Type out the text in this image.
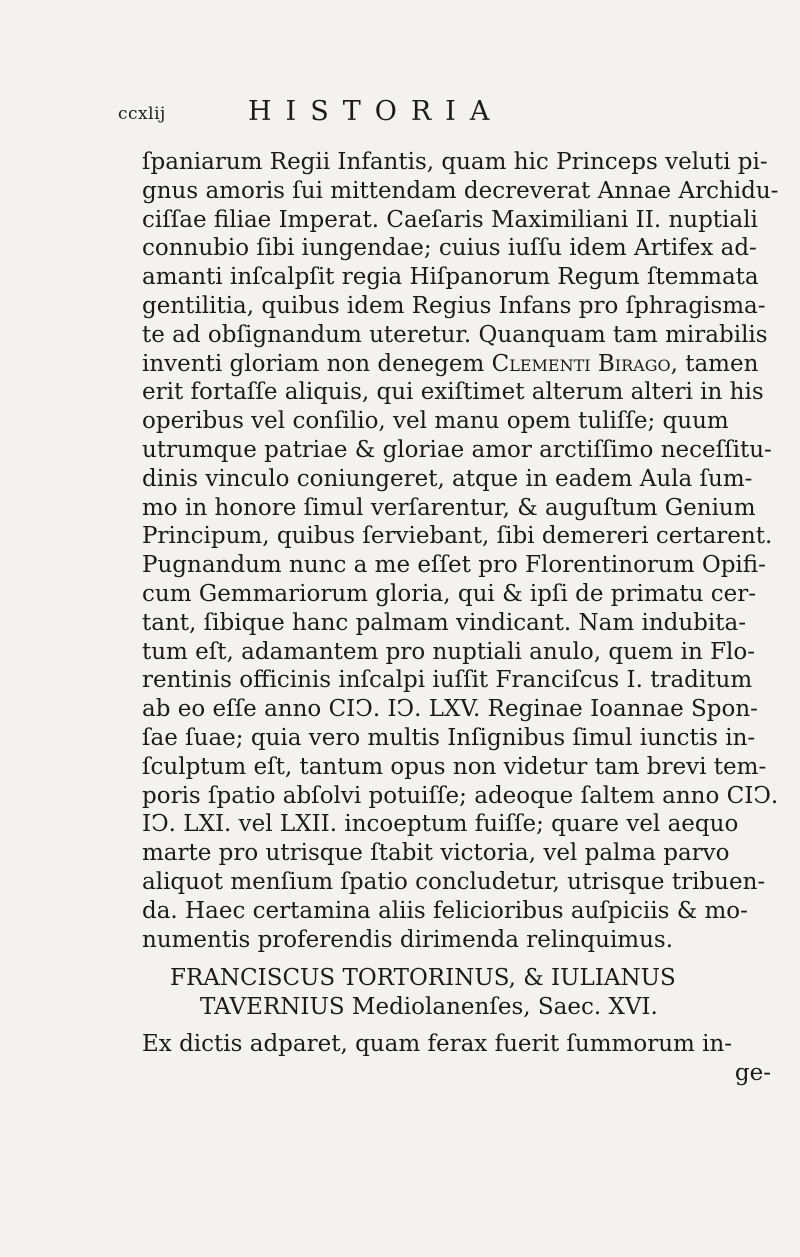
ccxlij	HISTORIA
ſpaniarum Regii Infantis, quam hic Princeps veluti pi-
gnus amoris ſui mittendam decreverat Annae Archidu-
ciſſae filiae Imperat. Caeſaris Maximiliani II. nuptiali
connubio ſibi iungendae; cuius iuſſu idem Artifex ad-
amanti inſcalpſit regia Hiſpanorum Regum ſtemmata
gentilitia, quibus idem Regius Infans pro ſphragisma-
te ad obſignandum uteretur. Quanquam tam mirabilis
inventi gloriam non denegem Clementi Birago, tamen
erit fortaſſe aliquis, qui exiſtimet alterum alteri in his
operibus vel conſilio, vel manu opem tuliſſe; quum
utrumque patriae & gloriae amor arctiſſimo neceſſitu-
dinis vinculo coniungeret, atque in eadem Aula ſum-
mo in honore ſimul verſarentur, & auguſtum Genium
Principum, quibus ſerviebant, ſibi demereri certarent.
Pugnandum nunc a me eſſet pro Florentinorum Opifi-
cum Gemmariorum gloria, qui & ipſi de primatu cer-
tant, ſibique hanc palmam vindicant. Nam indubita-
tum eſt, adamantem pro nuptiali anulo, quem in Flo-
rentinis officinis inſcalpi iuſſit Franciſcus I. traditum
ab eo eſſe anno CIↃ. IↃ. LXV. Reginae Ioannae Spon-
ſae ſuae; quia vero multis Inſignibus ſimul iunctis in-
ſculptum eſt, tantum opus non videtur tam brevi tem-
poris ſpatio abſolvi potuiſſe; adeoque ſaltem anno CIↃ.
IↃ. LXI. vel LXII. incoeptum fuiſſe; quare vel aequo
marte pro utrisque ſtabit victoria, vel palma parvo
aliquot menſium ſpatio concludetur, utrisque tribuen-
da. Haec certamina aliis felicioribus auſpiciis & mo-
numentis proferendis dirimenda relinquimus.
FRANCISCUS TORTORINUS, & IULIANUS
TAVERNIUS Mediolanenſes, Saec. XVI.
Ex dictis adparet, quam ferax fuerit ſummorum in-
ge-
